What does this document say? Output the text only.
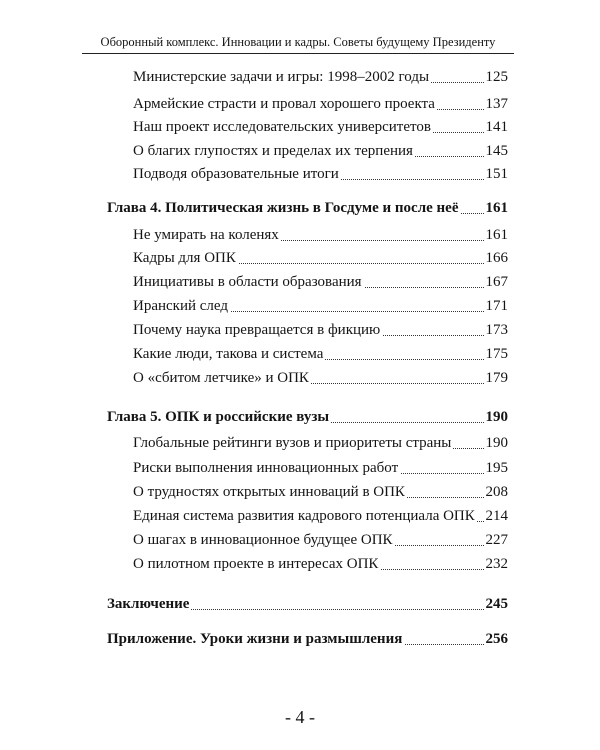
Оборонный комплекс. Инновации и кадры. Советы будущему Президенту
Министерские задачи и игры: 1998–2002 годы	125
Армейские страсти и провал хорошего проекта	137
Наш проект исследовательских университетов	141
О благих глупостях и пределах их терпения	145
Подводя образовательные итоги	151
Глава 4. Политическая жизнь в Госдуме и после неё 161
Не умирать на коленях	161
Кадры для ОПК	166
Инициативы в области образования	167
Иранский след	171
Почему наука превращается в фикцию	173
Какие люди, такова и система	175
О «сбитом летчике» и ОПК	179
Глава 5. ОПК и российские вузы	190
Глобальные рейтинги вузов и приоритеты страны 190
Риски выполнения инновационных работ	195
О трудностях открытых инноваций в ОПК	208
Единая система развития кадрового потенциала ОПК 214
О шагах в инновационное будущее ОПК	227
О пилотном проекте в интересах ОПК	232
Заключение	245
Приложение. Уроки жизни и размышления	256
- 4 -
